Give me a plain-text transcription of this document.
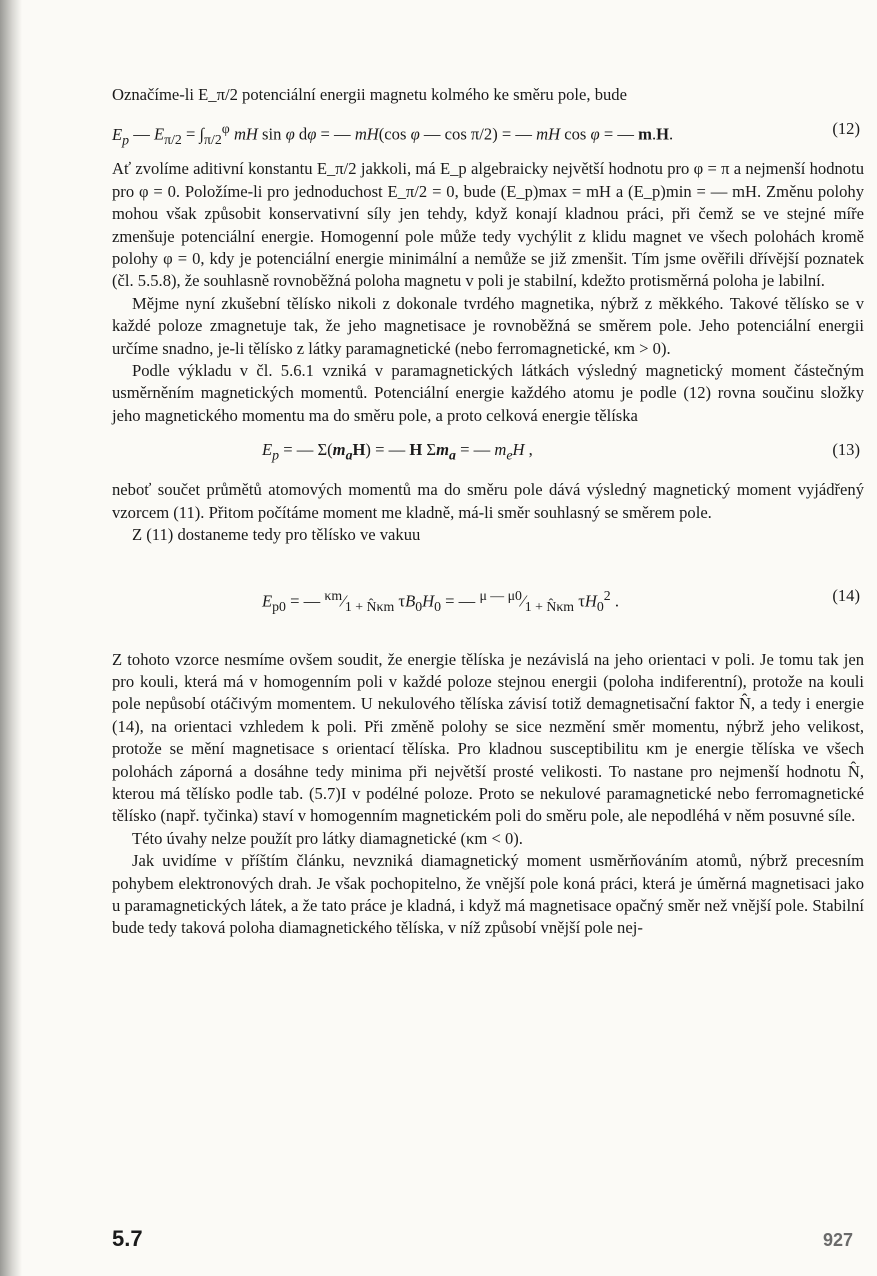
Označíme-li E_π/2 potenciální energii magnetu kolmého ke směru pole, bude

$E_p$ — $E_{\pi/2} = \int_{\pi/2}^\varphi$ mH sin φ dφ = — mH(cos φ — cos π/2) = — mH cos φ = — m.H.	(12)

Ať zvolíme aditivní konstantu E_π/2 jakkoli, má E_p algebraicky největší hodnotu pro φ = π a nejmenší hodnotu pro φ = 0. Položíme-li pro jednoduchost E_π/2 = 0, bude (E_p)max = mH a (E_p)min = — mH. Změnu polohy mohou však způsobit konservativní síly jen tehdy, když konají kladnou práci, při čemž se ve stejné míře zmenšuje potenciální energie. Homogenní pole může tedy vychýlit z klidu magnet ve všech polohách kromě polohy φ = 0, kdy je potenciální energie minimální a nemůže se již zmenšit. Tím jsme ověřili dřívější poznatek (čl. 5.5.8), že souhlasně rovnoběžná poloha magnetu v poli je stabilní, kdežto protisměrná poloha je labilní.

Mějme nyní zkušební tělísko nikoli z dokonale tvrdého magnetika, nýbrž z měkkého. Takové tělísko se v každé poloze zmagnetuje tak, že jeho magnetisace je rovnoběžná se směrem pole. Jeho potenciální energii určíme snadno, je-li tělísko z látky paramagnetické (nebo ferromagnetické, κm > 0).

Podle výkladu v čl. 5.6.1 vzniká v paramagnetických látkách výsledný magnetický moment částečným usměrněním magnetických momentů. Potenciální energie každého atomu je podle (12) rovna součinu složky jeho magnetického momentu ma do směru pole, a proto celková energie tělíska

$E_p$ = — $\Sigma(m_aH)$ = — H $\Sigma m_a$ = — $m_eH$ ,	(13)

neboť součet průmětů atomových momentů ma do směru pole dává výsledný magnetický moment vyjádřený vzorcem (11). Přitom počítáme moment me kladně, má-li směr souhlasný se směrem pole.

Z (11) dostaneme tedy pro tělísko ve vakuu

$E_{p0}$ = — $^{\kappa m}⁄_{1 + N̂\kappa m}$ $\tau B_0H_0$ = — $^{\mu — \mu 0}⁄_{1 + N̂\kappa m}$ $\tau H_0^2$ .	(14)

Z tohoto vzorce nesmíme ovšem soudit, že energie tělíska je nezávislá na jeho orientaci v poli. Je tomu tak jen pro kouli, která má v homogenním poli v každé poloze stejnou energii (poloha indiferentní), protože na kouli pole nepůsobí otáčivým momentem. U nekulového tělíska závisí totiž demagnetisační faktor N̂, a tedy i energie (14), na orientaci vzhledem k poli. Při změně polohy se sice nezmění směr momentu, nýbrž jeho velikost, protože se mění magnetisace s orientací tělíska. Pro kladnou susceptibilitu κm je energie tělíska ve všech polohách záporná a dosáhne tedy minima při největší prosté velikosti. To nastane pro nejmenší hodnotu N̂, kterou má tělísko podle tab. (5.7)I v podélné poloze. Proto se nekulové paramagnetické nebo ferromagnetické tělísko (např. tyčinka) staví v homogenním magnetickém poli do směru pole, ale nepodléhá v něm posuvné síle.

Této úvahy nelze použít pro látky diamagnetické (κm < 0).

Jak uvidíme v příštím článku, nevzniká diamagnetický moment usměrňováním atomů, nýbrž precesním pohybem elektronových drah. Je však pochopitelno, že vnější pole koná práci, která je úměrná magnetisaci jako u paramagnetických látek, a že tato práce je kladná, i když má magnetisace opačný směr než vnější pole. Stabilní bude tedy taková poloha diamagnetického tělíska, v níž způsobí vnější pole nej-

5.7	927
